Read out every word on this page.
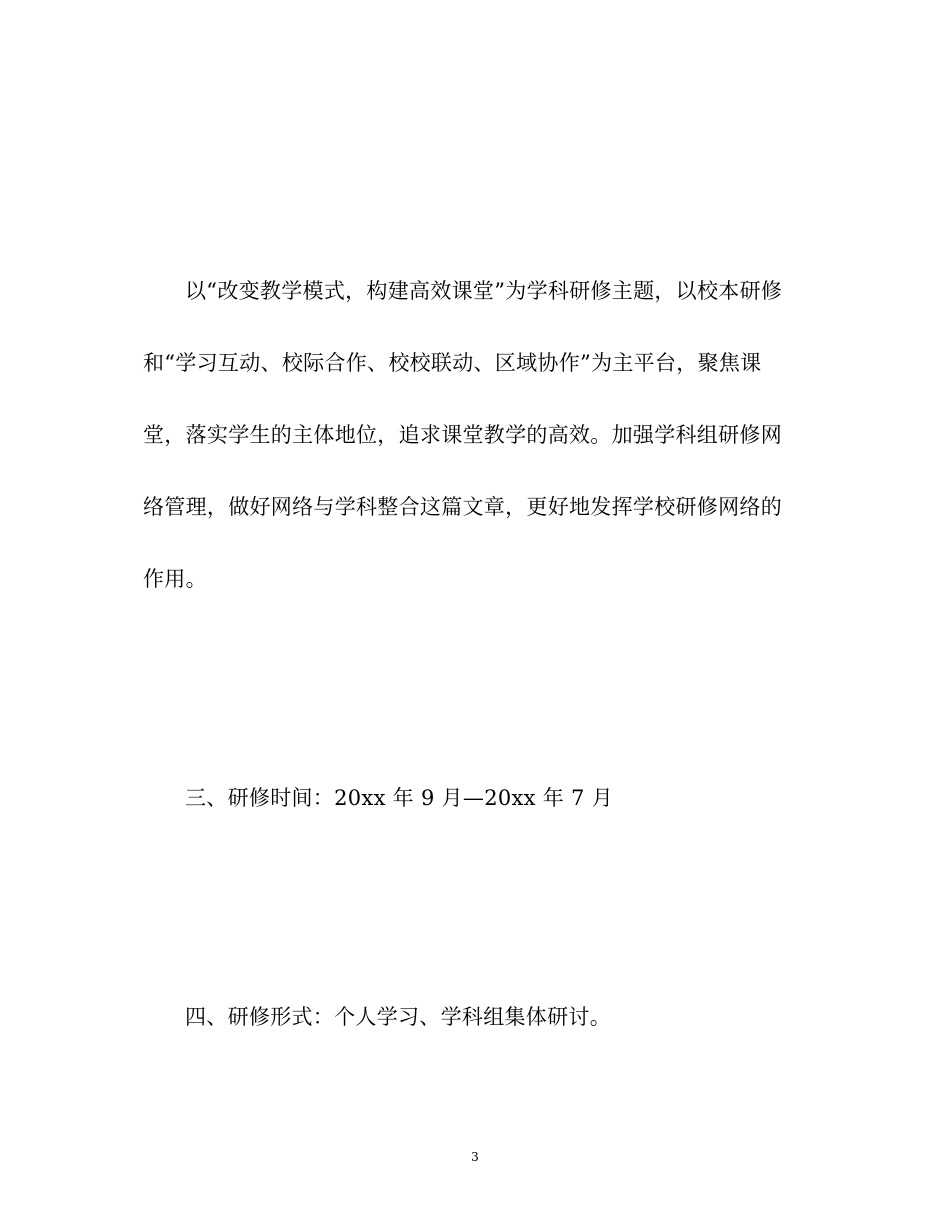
以“改变教学模式，构建高效课堂”为学科研修主题，以校本研修
和“学习互动、校际合作、校校联动、区域协作”为主平台，聚焦课
堂，落实学生的主体地位，追求课堂教学的高效。加强学科组研修网
络管理，做好网络与学科整合这篇文章，更好地发挥学校研修网络的
作用。
三、研修时间：20xx 年 9 月—20xx 年 7 月
四、研修形式：个人学习、学科组集体研讨。
3
